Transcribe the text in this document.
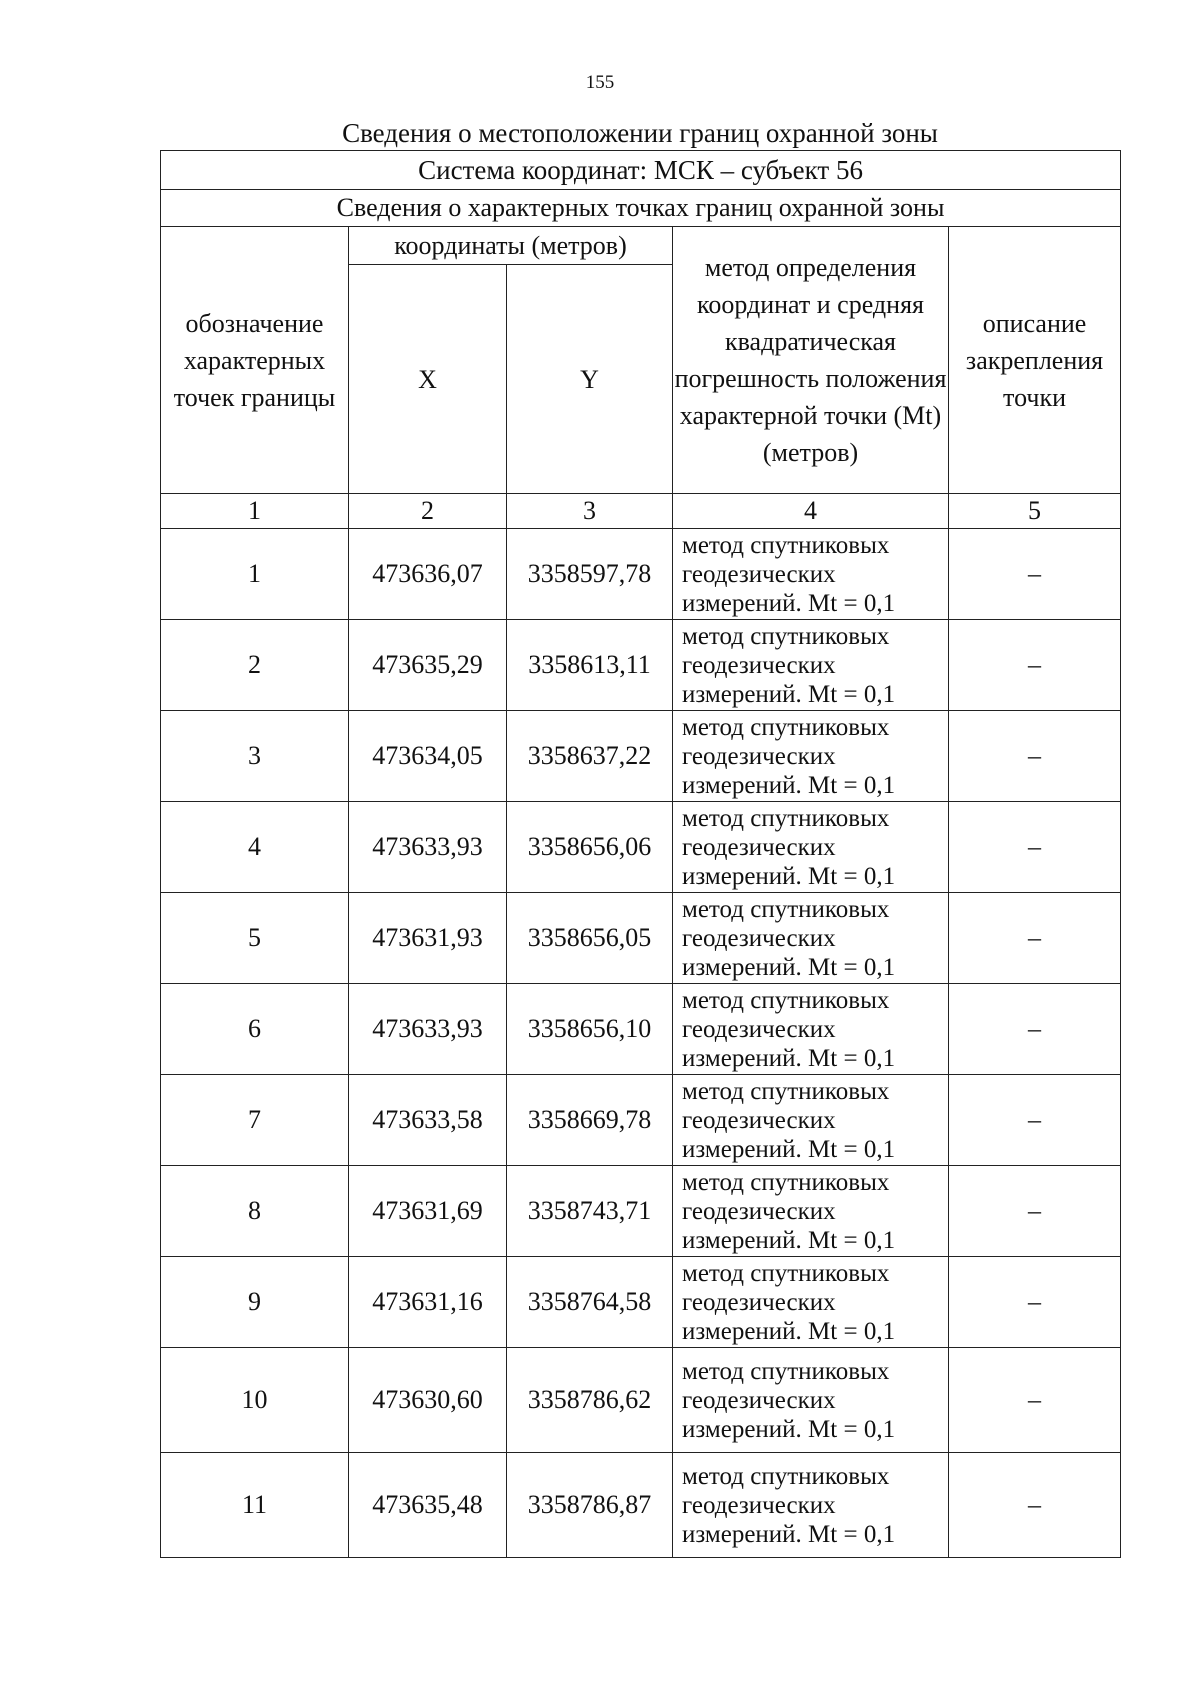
155
Сведения о местоположении границ охранной зоны
Система координат: МСК – субъект 56				
Сведения о характерных точках границ охранной зоны				
обозначение характерных точек границы	координаты (метров)		метод определения координат и средняя квадратическая погрешность положения характерной точки (Mt) (метров)	описание закрепления точки
	X	Y		
1	2	3	4	5
1	473636,07	3358597,78	метод спутниковых геодезических измерений. Mt = 0,1	–
2	473635,29	3358613,11	метод спутниковых геодезических измерений. Mt = 0,1	–
3	473634,05	3358637,22	метод спутниковых геодезических измерений. Mt = 0,1	–
4	473633,93	3358656,06	метод спутниковых геодезических измерений. Mt = 0,1	–
5	473631,93	3358656,05	метод спутниковых геодезических измерений. Mt = 0,1	–
6	473633,93	3358656,10	метод спутниковых геодезических измерений. Mt = 0,1	–
7	473633,58	3358669,78	метод спутниковых геодезических измерений. Mt = 0,1	–
8	473631,69	3358743,71	метод спутниковых геодезических измерений. Mt = 0,1	–
9	473631,16	3358764,58	метод спутниковых геодезических измерений. Mt = 0,1	–
10	473630,60	3358786,62	метод спутниковых геодезических измерений. Mt = 0,1	–
11	473635,48	3358786,87	метод спутниковых геодезических измерений. Mt = 0,1	–
